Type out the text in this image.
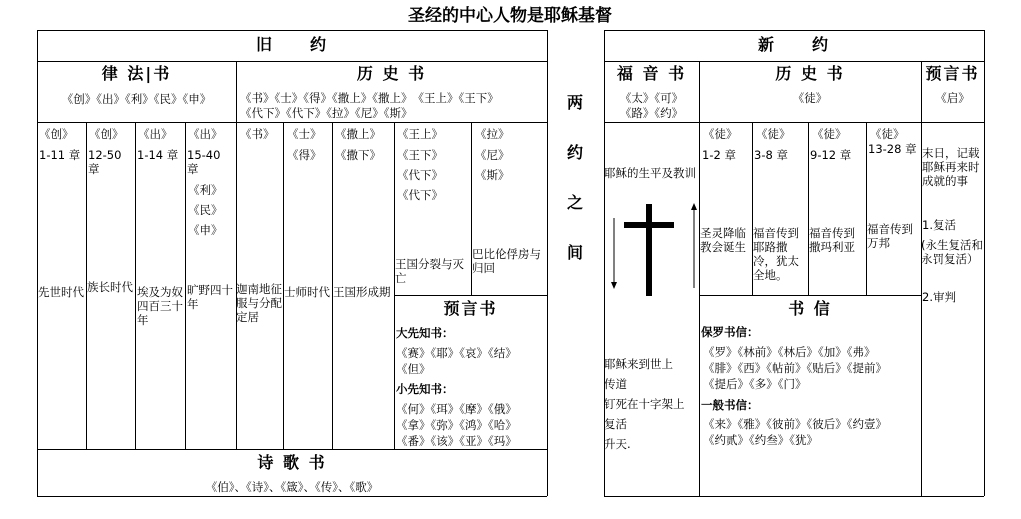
圣经的中心人物是耶稣基督
旧　　约
律 法|书
《创》《出》《利》《民》《申》
历 史 书
《书》《士》《得》《撒上》《撒上》　《王上》《王下》
《代下》《代下》《拉》《尼》《斯》
《创》
1-11 章
先世时代
《创》
12-50 章
族长时代
《出》
1-14 章
埃及为奴四百三十年
《出》
15-40 章
《利》
《民》
《申》
旷野四十年
《书》
迦南地征服与分配定居
《士》
《得》
士师时代
《撒上》
《撒下》
王国形成期
《王上》
《王下》
《代下》
《代下》
王国分裂与灭亡
《拉》
《尼》
《斯》
巴比伦俘房与归回
预言书
大先知书：
《赛》《耶》《哀》《结》
《但》
小先知书：
《何》《珥》《摩》《俄》
《拿》《弥》《鸿》《哈》
《番》《该》《亚》《玛》
诗 歌 书
《伯》、《诗》、《箴》、《传》、《歌》
两
约
之
间
新　　约
福 音 书
《太》《可》
《路》《约》
耶稣的生平及教训
耶稣来到世上
传道
钉死在十字架上
复活
升天.
历 史 书
《徒》
《徒》
1-2 章
圣灵降临教会诞生
《徒》
3-8 章
福音传到耶路撒冷，犹太全地。
《徒》
9-12 章
福音传到撒玛利亚
《徒》
13-28 章
福音传到万邦
书 信
保罗书信：
《罗》《林前》《林后》《加》《弗》
《腓》《西》《帖前》《贴后》《提前》
《提后》《多》《门》
一般书信：
《来》《雅》《彼前》《彼后》《约壹》
《约贰》《约叁》《犹》
预言书
《启》
末日，记载耶稣再来时成就的事
1.复活
(永生复活和永罚复活）
2.审判
